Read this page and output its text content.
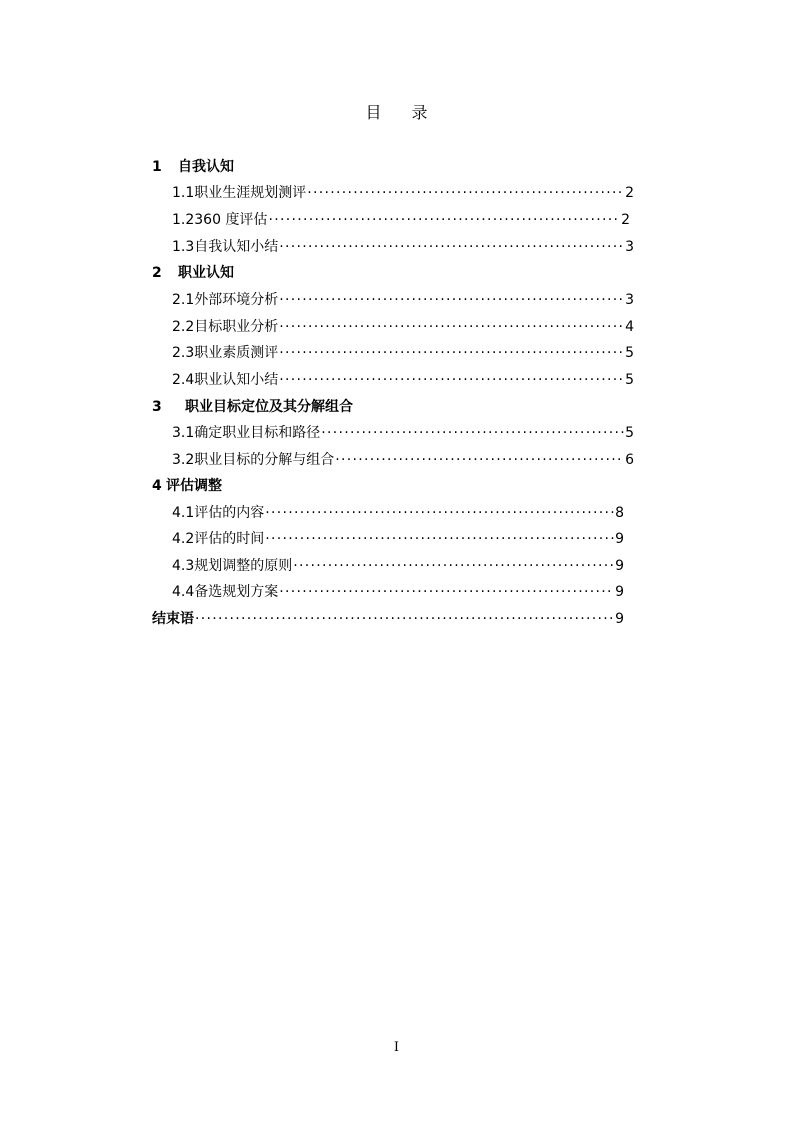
目录
1	自我认知
1.1 职业生涯规划测评 ·····	2
1.2 360 度评估 ·····	2
1.3 自我认知小结 ·····	3
2	职业认知
2.1 外部环境分析 ·····	3
2.2 目标职业分析 ·····	4
2.3 职业素质测评 ·····	5
2.4 职业认知小结 ·····	5
3	职业目标定位及其分解组合
3.1 确定职业目标和路径 ·····	5
3.2 职业目标的分解与组合 ·····	6
4 评估调整
4.1 评估的内容 ·····	8
4.2 评估的时间 ·····	9
4.3 规划调整的原则 ·····	9
4.4 备选规划方案 ·····	9
结束语 ·····	9
I
